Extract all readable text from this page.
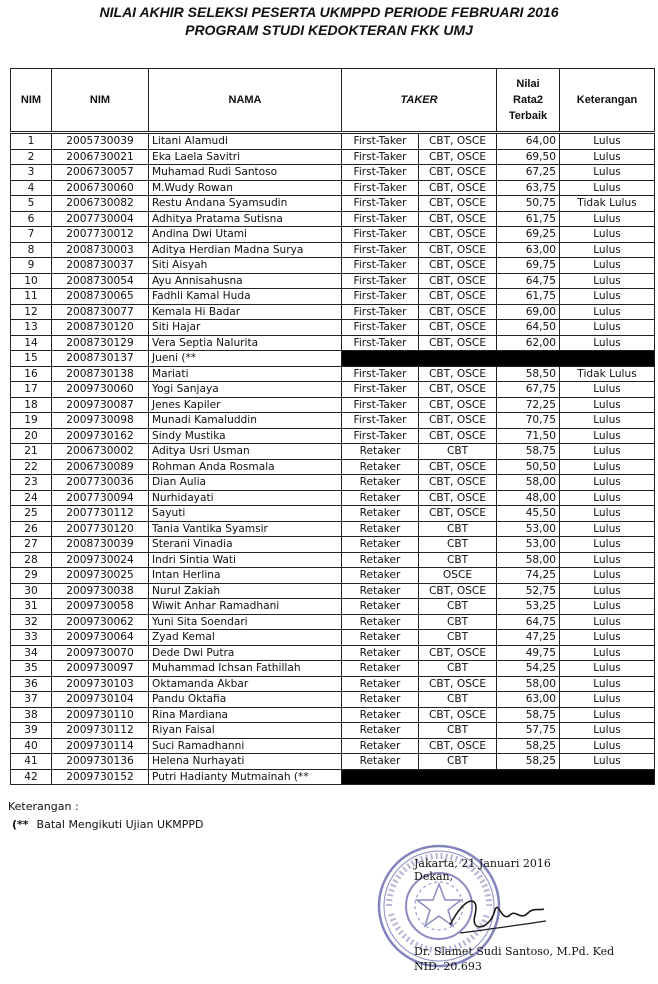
NILAI AKHIR SELEKSI PESERTA UKMPPD PERIODE FEBRUARI 2016
PROGRAM STUDI KEDOKTERAN FKK UMJ
NIM	NIM	NAMA	TAKER		Nilai Rata2 Terbaik	Keterangan
1	2005730039	Litani Alamudi	First-Taker	CBT, OSCE	64,00	Lulus
2	2006730021	Eka Laela Savitri	First-Taker	CBT, OSCE	69,50	Lulus
3	2006730057	Muhamad Rudi Santoso	First-Taker	CBT, OSCE	67,25	Lulus
4	2006730060	M.Wudy Rowan	First-Taker	CBT, OSCE	63,75	Lulus
5	2006730082	Restu Andana Syamsudin	First-Taker	CBT, OSCE	50,75	Tidak Lulus
6	2007730004	Adhitya Pratama Sutisna	First-Taker	CBT, OSCE	61,75	Lulus
7	2007730012	Andina Dwi Utami	First-Taker	CBT, OSCE	69,25	Lulus
8	2008730003	Aditya Herdian Madna Surya	First-Taker	CBT, OSCE	63,00	Lulus
9	2008730037	Siti Aisyah	First-Taker	CBT, OSCE	69,75	Lulus
10	2008730054	Ayu Annisahusna	First-Taker	CBT, OSCE	64,75	Lulus
11	2008730065	Fadhli Kamal Huda	First-Taker	CBT, OSCE	61,75	Lulus
12	2008730077	Kemala Hi Badar	First-Taker	CBT, OSCE	69,00	Lulus
13	2008730120	Siti Hajar	First-Taker	CBT, OSCE	64,50	Lulus
14	2008730129	Vera Septia Nalurita	First-Taker	CBT, OSCE	62,00	Lulus
15	2008730137	Jueni (**				
16	2008730138	Mariati	First-Taker	CBT, OSCE	58,50	Tidak Lulus
17	2009730060	Yogi Sanjaya	First-Taker	CBT, OSCE	67,75	Lulus
18	2009730087	Jenes Kapiler	First-Taker	CBT, OSCE	72,25	Lulus
19	2009730098	Munadi Kamaluddin	First-Taker	CBT, OSCE	70,75	Lulus
20	2009730162	Sindy Mustika	First-Taker	CBT, OSCE	71,50	Lulus
21	2006730002	Aditya Usri Usman	Retaker	CBT	58,75	Lulus
22	2006730089	Rohman Anda Rosmala	Retaker	CBT, OSCE	50,50	Lulus
23	2007730036	Dian Aulia	Retaker	CBT, OSCE	58,00	Lulus
24	2007730094	Nurhidayati	Retaker	CBT, OSCE	48,00	Lulus
25	2007730112	Sayuti	Retaker	CBT, OSCE	45,50	Lulus
26	2007730120	Tania Vantika Syamsir	Retaker	CBT	53,00	Lulus
27	2008730039	Sterani Vinadia	Retaker	CBT	53,00	Lulus
28	2009730024	Indri Sintia Wati	Retaker	CBT	58,00	Lulus
29	2009730025	Intan Herlina	Retaker	OSCE	74,25	Lulus
30	2009730038	Nurul Zakiah	Retaker	CBT, OSCE	52,75	Lulus
31	2009730058	Wiwit Anhar Ramadhani	Retaker	CBT	53,25	Lulus
32	2009730062	Yuni Sita Soendari	Retaker	CBT	64,75	Lulus
33	2009730064	Zyad Kemal	Retaker	CBT	47,25	Lulus
34	2009730070	Dede Dwi Putra	Retaker	CBT, OSCE	49,75	Lulus
35	2009730097	Muhammad Ichsan Fathillah	Retaker	CBT	54,25	Lulus
36	2009730103	Oktamanda Akbar	Retaker	CBT, OSCE	58,00	Lulus
37	2009730104	Pandu Oktafia	Retaker	CBT	63,00	Lulus
38	2009730110	Rina Mardiana	Retaker	CBT, OSCE	58,75	Lulus
39	2009730112	Riyan Faisal	Retaker	CBT	57,75	Lulus
40	2009730114	Suci Ramadhanni	Retaker	CBT, OSCE	58,25	Lulus
41	2009730136	Helena Nurhayati	Retaker	CBT	58,25	Lulus
42	2009730152	Putri Hadianty Mutmainah (**				
Keterangan :
(** Batal Mengikuti Ujian UKMPPD
Jakarta, 21 Januari 2016
Dekan,
Dr. Slamet Sudi Santoso, M.Pd. Ked
NID. 20.693
